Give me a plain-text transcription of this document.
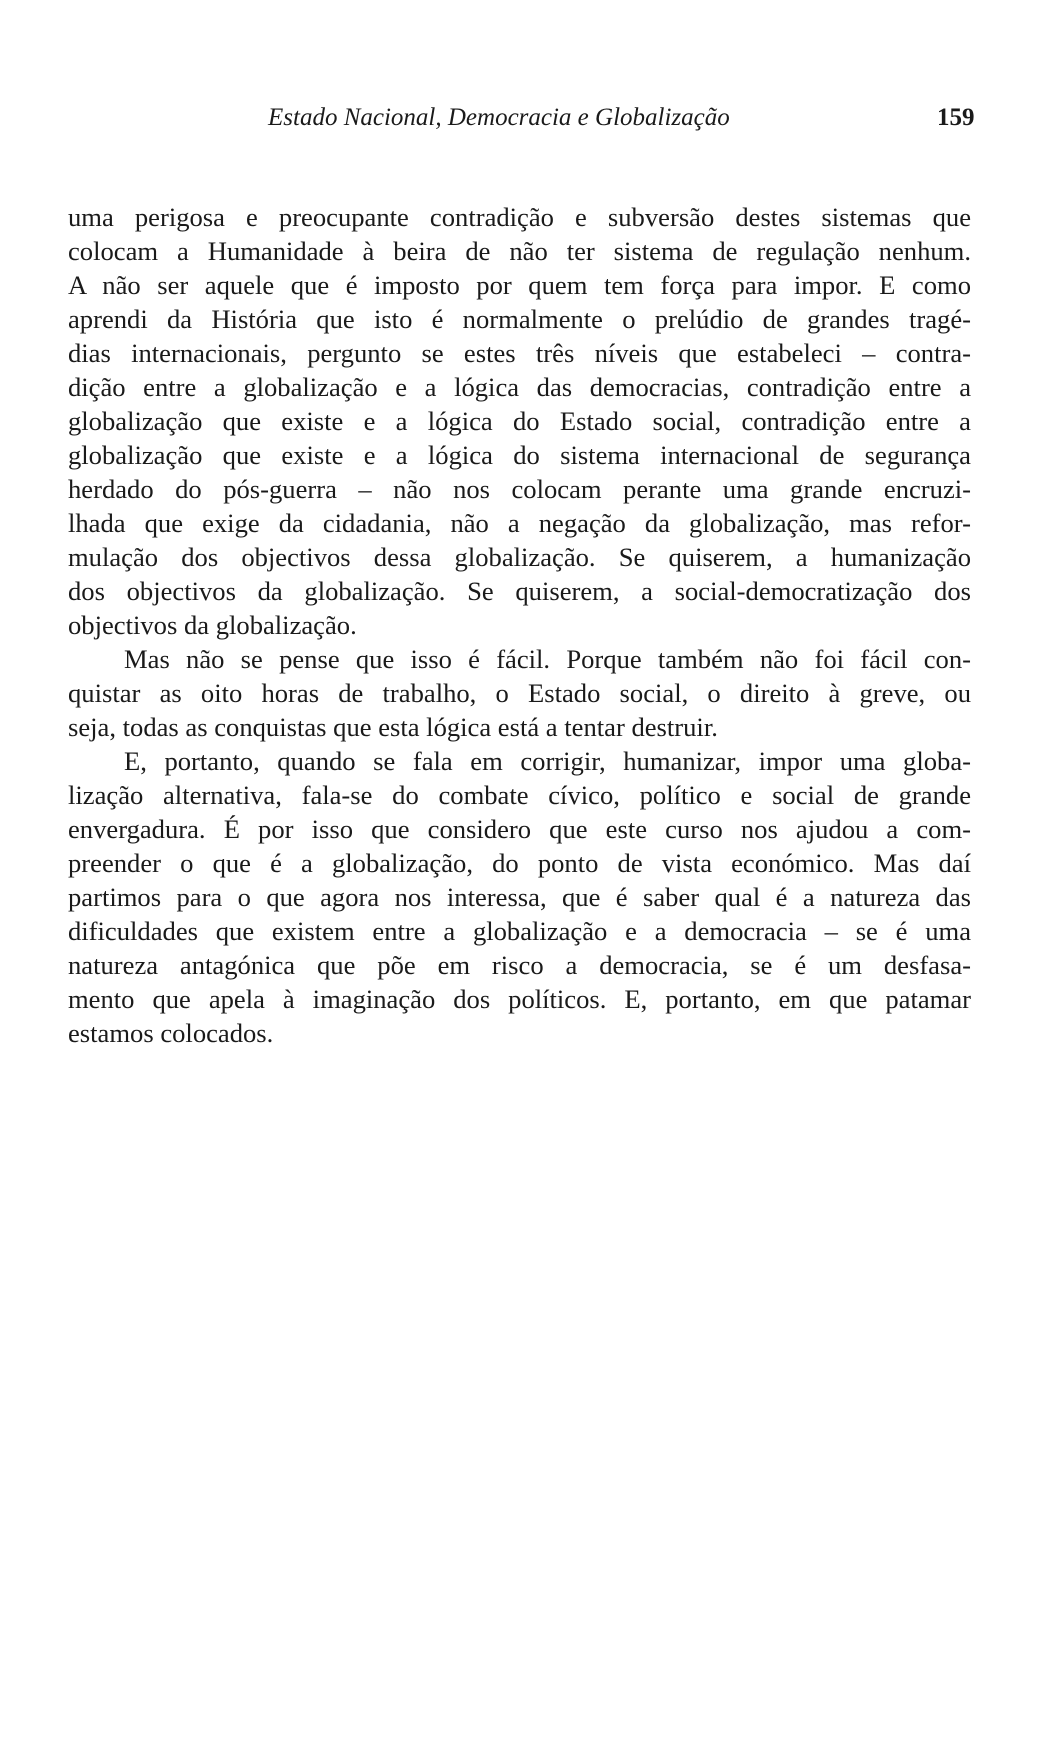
Estado Nacional, Democracia e Globalização	159
uma perigosa e preocupante contradição e subversão destes sistemas que
colocam a Humanidade à beira de não ter sistema de regulação nenhum.
A não ser aquele que é imposto por quem tem força para impor. E como
aprendi da História que isto é normalmente o prelúdio de grandes tragé-
dias internacionais, pergunto se estes três níveis que estabeleci – contra-
dição entre a globalização e a lógica das democracias, contradição entre a
globalização que existe e a lógica do Estado social, contradição entre a
globalização que existe e a lógica do sistema internacional de segurança
herdado do pós-guerra – não nos colocam perante uma grande encruzi-
lhada que exige da cidadania, não a negação da globalização, mas refor-
mulação dos objectivos dessa globalização. Se quiserem, a humanização
dos objectivos da globalização. Se quiserem, a social-democratização dos
objectivos da globalização.
Mas não se pense que isso é fácil. Porque também não foi fácil con-
quistar as oito horas de trabalho, o Estado social, o direito à greve, ou
seja, todas as conquistas que esta lógica está a tentar destruir.
E, portanto, quando se fala em corrigir, humanizar, impor uma globa-
lização alternativa, fala-se do combate cívico, político e social de grande
envergadura. É por isso que considero que este curso nos ajudou a com-
preender o que é a globalização, do ponto de vista económico. Mas daí
partimos para o que agora nos interessa, que é saber qual é a natureza das
dificuldades que existem entre a globalização e a democracia – se é uma
natureza antagónica que põe em risco a democracia, se é um desfasa-
mento que apela à imaginação dos políticos. E, portanto, em que patamar
estamos colocados.
